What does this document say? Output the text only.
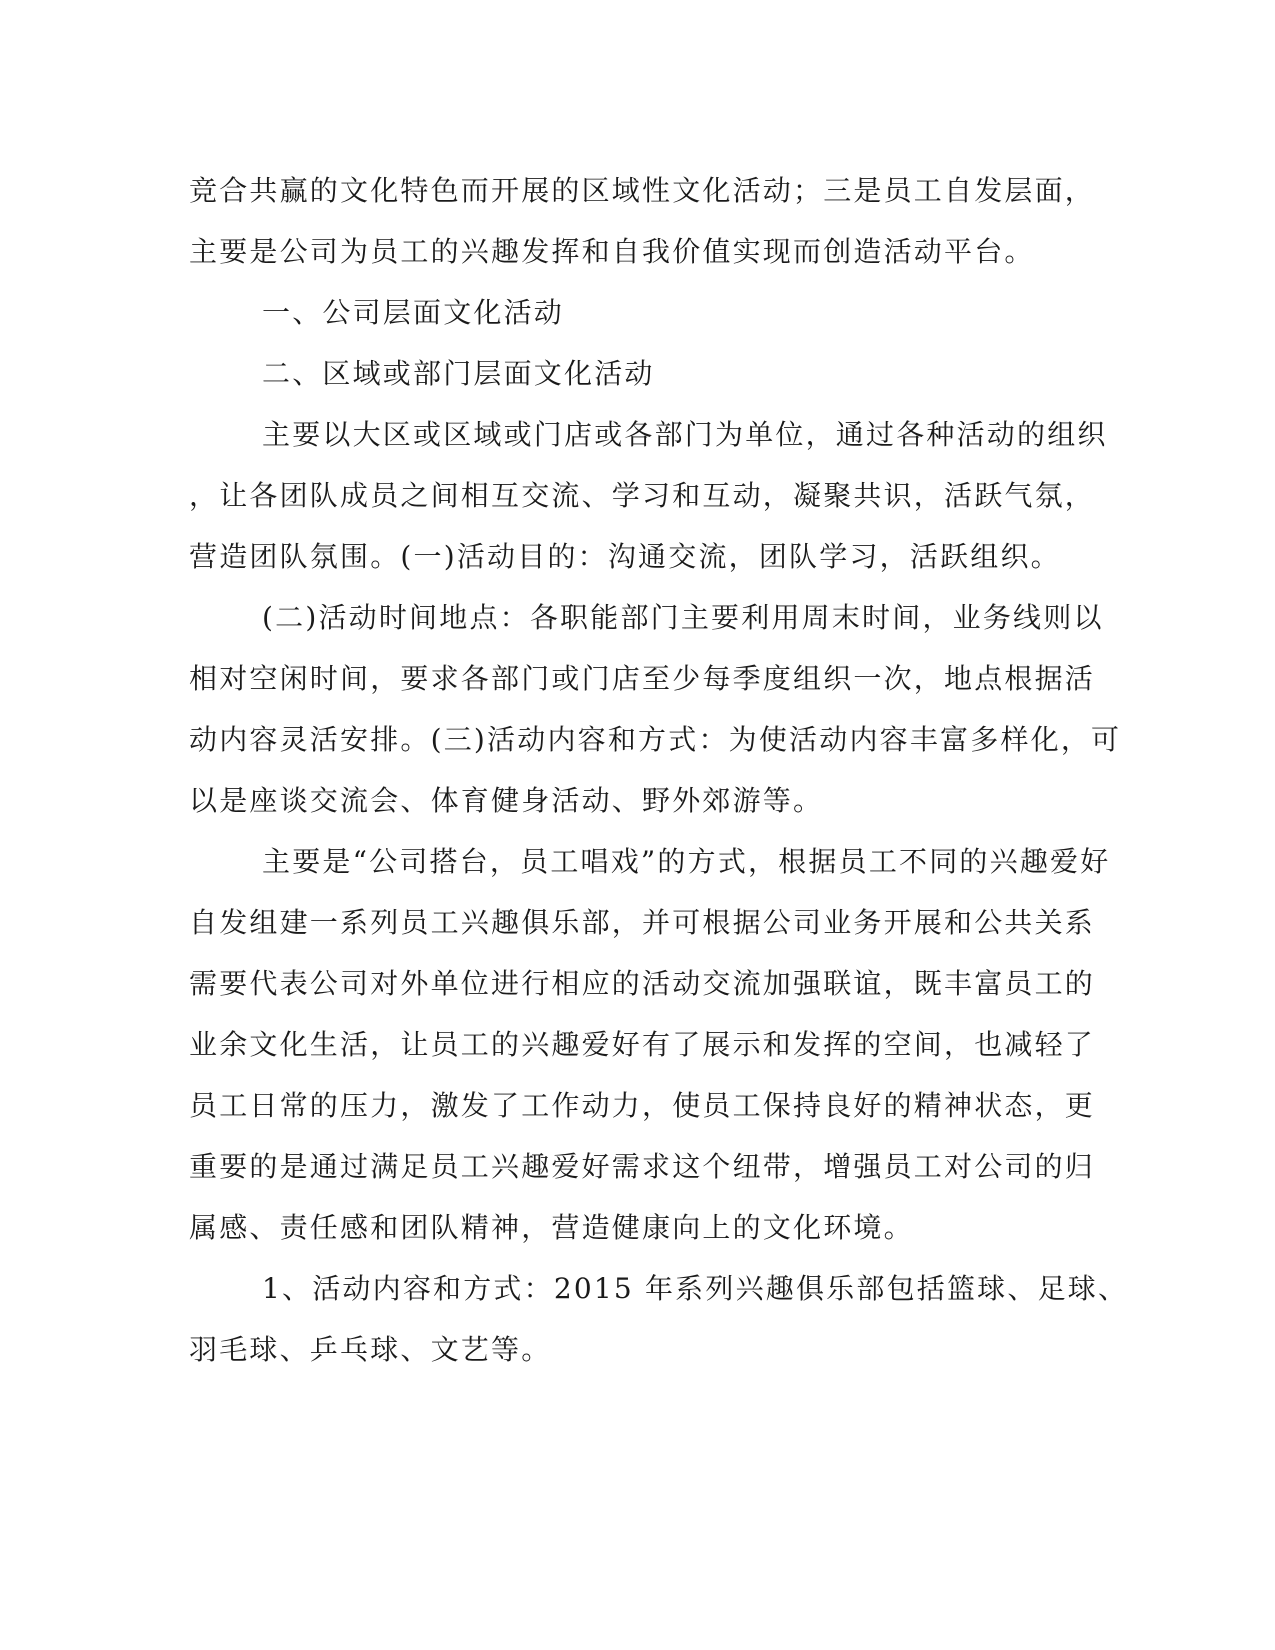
竞合共赢的文化特色而开展的区域性文化活动；三是员工自发层面，
主要是公司为员工的兴趣发挥和自我价值实现而创造活动平台。
一、公司层面文化活动
二、区域或部门层面文化活动
主要以大区或区域或门店或各部门为单位，通过各种活动的组织
，让各团队成员之间相互交流、学习和互动，凝聚共识，活跃气氛，
营造团队氛围。(一)活动目的：沟通交流，团队学习，活跃组织。
(二)活动时间地点：各职能部门主要利用周末时间，业务线则以
相对空闲时间，要求各部门或门店至少每季度组织一次，地点根据活
动内容灵活安排。(三)活动内容和方式：为使活动内容丰富多样化，可
以是座谈交流会、体育健身活动、野外郊游等。
主要是“公司搭台，员工唱戏”的方式，根据员工不同的兴趣爱好
自发组建一系列员工兴趣俱乐部，并可根据公司业务开展和公共关系
需要代表公司对外单位进行相应的活动交流加强联谊，既丰富员工的
业余文化生活，让员工的兴趣爱好有了展示和发挥的空间，也减轻了
员工日常的压力，激发了工作动力，使员工保持良好的精神状态，更
重要的是通过满足员工兴趣爱好需求这个纽带，增强员工对公司的归
属感、责任感和团队精神，营造健康向上的文化环境。
1、活动内容和方式：2015 年系列兴趣俱乐部包括篮球、足球、
羽毛球、乒乓球、文艺等。
